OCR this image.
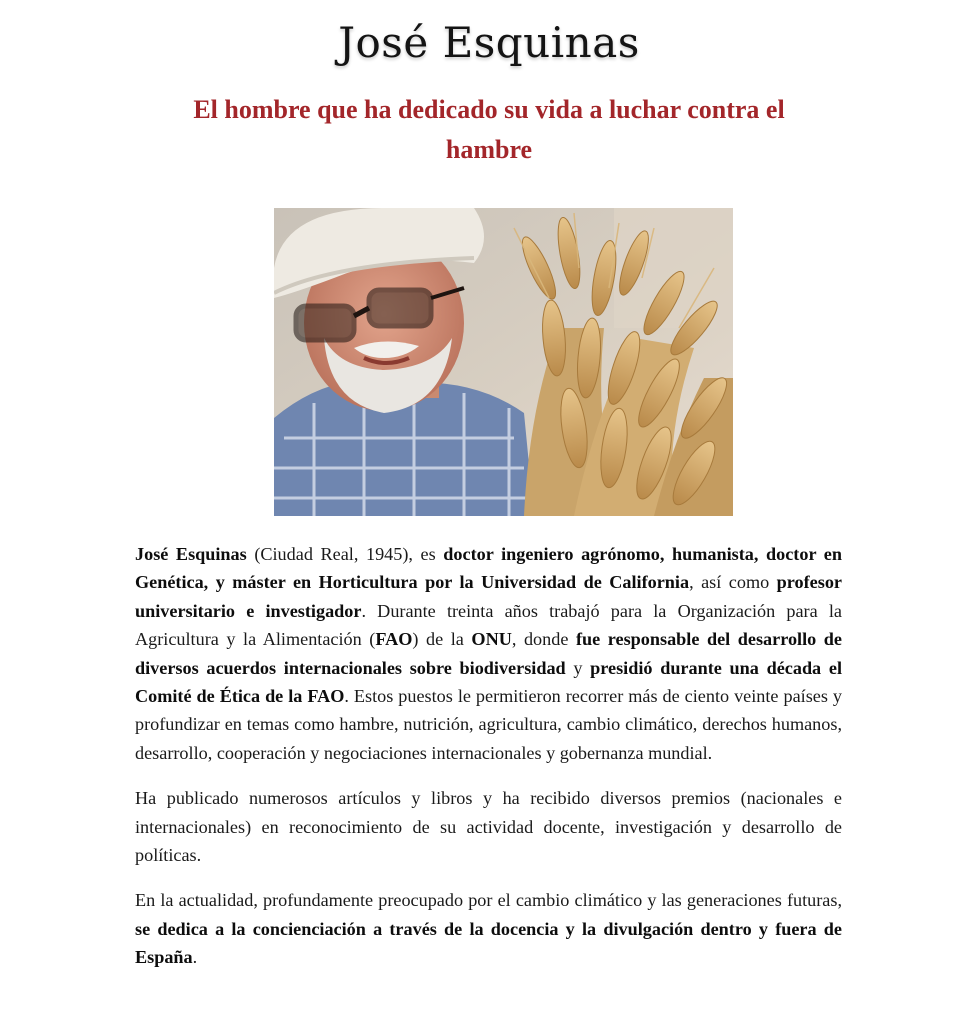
José Esquinas
El hombre que ha dedicado su vida a luchar contra el hambre

José Esquinas (Ciudad Real, 1945), es doctor ingeniero agrónomo, humanista, doctor en Genética, y máster en Horticultura por la Universidad de California, así como profesor universitario e investigador. Durante treinta años trabajó para la Organización para la Agricultura y la Alimentación (FAO) de la ONU, donde fue responsable del desarrollo de diversos acuerdos internacionales sobre biodiversidad y presidió durante una década el Comité de Ética de la FAO. Estos puestos le permitieron recorrer más de ciento veinte países y profundizar en temas como hambre, nutrición, agricultura, cambio climático, derechos humanos, desarrollo, cooperación y negociaciones internacionales y gobernanza mundial.

Ha publicado numerosos artículos y libros y ha recibido diversos premios (nacionales e internacionales) en reconocimiento de su actividad docente, investigación y desarrollo de políticas.

En la actualidad, profundamente preocupado por el cambio climático y las generaciones futuras, se dedica a la concienciación a través de la docencia y la divulgación dentro y fuera de España.
